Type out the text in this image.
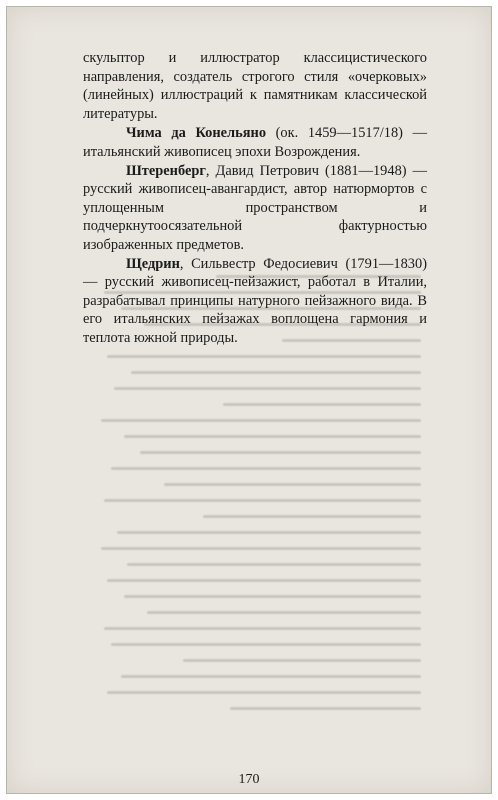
скульптор и иллюстратор классицистического направления, создатель строгого стиля «очерковых» (линейных) иллюстраций к памятникам классической литературы.

Чима да Конельяно (ок. 1459—1517/18) — итальянский живописец эпохи Возрождения.

Штеренберг, Давид Петрович (1881—1948) — русский живописец-авангардист, автор натюрмортов с уплощенным пространством и подчеркнутоосязательной фактурностью изображенных предметов.

Щедрин, Сильвестр Федосиевич (1791—1830) — русский живописец-пейзажист, работал в Италии, разрабатывал принципы натурного пейзажного вида. В его итальянских пейзажах воплощена гармония и теплота южной природы.

170
